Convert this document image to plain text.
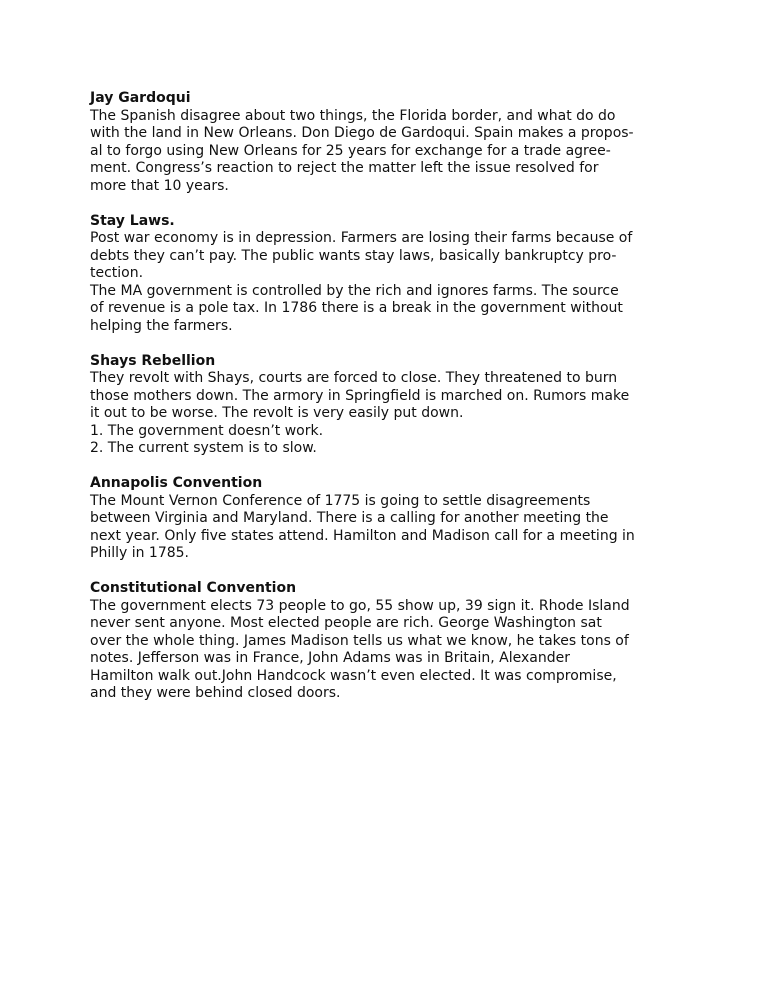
Jay Gardoqui
The Spanish disagree about two things, the Florida border, and what do do
with the land in New Orleans. Don Diego de Gardoqui. Spain makes a propos-
al to forgo using New Orleans for 25 years for exchange for a trade agree-
ment. Congress’s reaction to reject the matter left the issue resolved for
more that 10 years.
Stay Laws.
Post war economy is in depression. Farmers are losing their farms because of
debts they can’t pay. The public wants stay laws, basically bankruptcy pro-
tection.
The MA government is controlled by the rich and ignores farms. The source
of revenue is a pole tax. In 1786 there is a break in the government without
helping the farmers.
Shays Rebellion
They revolt with Shays, courts are forced to close. They threatened to burn
those mothers down. The armory in Springfield is marched on. Rumors make
it out to be worse. The revolt is very easily put down.
1. The government doesn’t work.
2. The current system is to slow.
Annapolis Convention
The Mount Vernon Conference of 1775 is going to settle disagreements
between Virginia and Maryland. There is a calling for another meeting the
next year. Only five states attend. Hamilton and Madison call for a meeting in
Philly in 1785.
Constitutional Convention
The government elects 73 people to go, 55 show up, 39 sign it. Rhode Island
never sent anyone. Most elected people are rich. George Washington sat
over the whole thing. James Madison tells us what we know, he takes tons of
notes. Jefferson was in France, John Adams was in Britain, Alexander
Hamilton walk out.John Handcock wasn’t even elected. It was compromise,
and they were behind closed doors.
